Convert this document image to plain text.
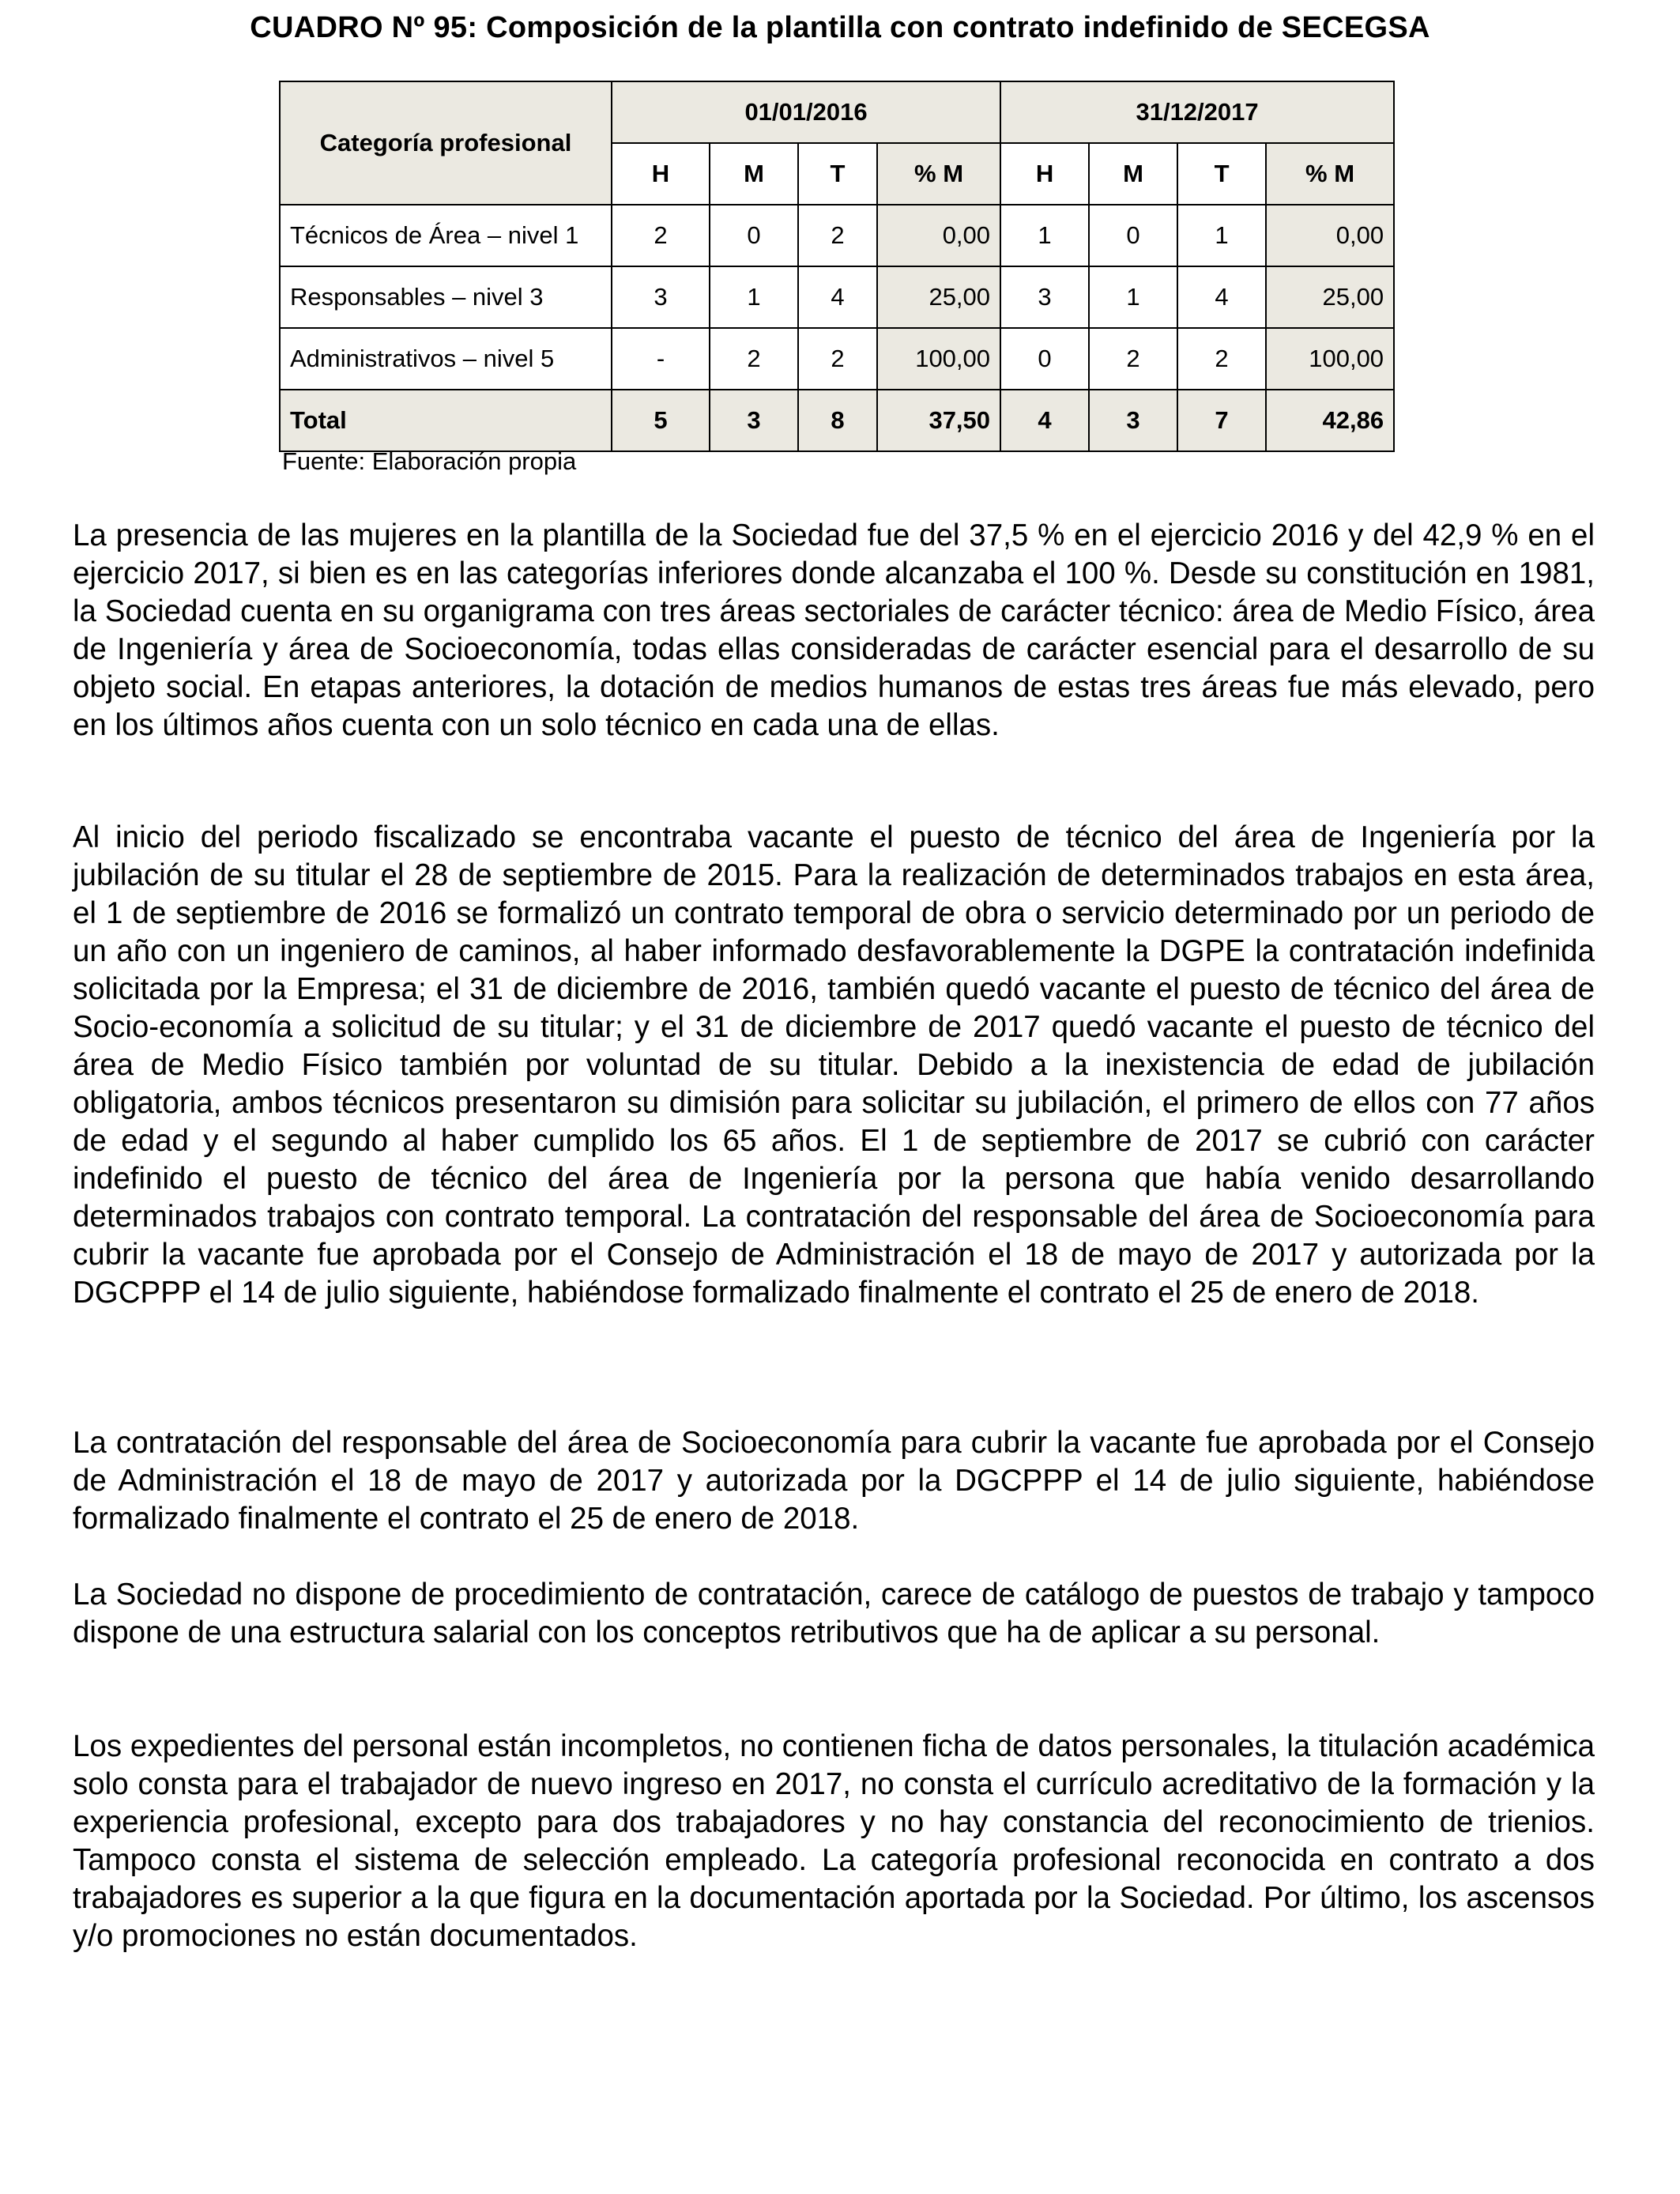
CUADRO Nº 95: Composición de la plantilla con contrato indefinido de SECEGSA
Categoría profesional	01/01/2016				31/12/2017			
	H	M	T	% M	H	M	T	% M
Técnicos de Área – nivel 1	2	0	2	0,00	1	0	1	0,00
Responsables – nivel 3	3	1	4	25,00	3	1	4	25,00
Administrativos – nivel 5	-	2	2	100,00	0	2	2	100,00
Total	5	3	8	37,50	4	3	7	42,86
Fuente: Elaboración propia

La presencia de las mujeres en la plantilla de la Sociedad fue del 37,5 % en el ejercicio 2016 y del 42,9 % en el ejercicio 2017, si bien es en las categorías inferiores donde alcanzaba el 100 %. Desde su constitución en 1981, la Sociedad cuenta en su organigrama con tres áreas sectoriales de carácter técnico: área de Medio Físico, área de Ingeniería y área de Socioeconomía, todas ellas consideradas de carácter esencial para el desarrollo de su objeto social. En etapas anteriores, la dotación de medios humanos de estas tres áreas fue más elevado, pero en los últimos años cuenta con un solo técnico en cada una de ellas.

Al inicio del periodo fiscalizado se encontraba vacante el puesto de técnico del área de Ingeniería por la jubilación de su titular el 28 de septiembre de 2015. Para la realización de determinados trabajos en esta área, el 1 de septiembre de 2016 se formalizó un contrato temporal de obra o servicio determinado por un periodo de un año con un ingeniero de caminos, al haber informado desfavorablemente la DGPE la contratación indefinida solicitada por la Empresa; el 31 de diciembre de 2016, también quedó vacante el puesto de técnico del área de Socio-economía a solicitud de su titular; y el 31 de diciembre de 2017 quedó vacante el puesto de técnico del área de Medio Físico también por voluntad de su titular. Debido a la inexistencia de edad de jubilación obligatoria, ambos técnicos presentaron su dimisión para solicitar su jubilación, el primero de ellos con 77 años de edad y el segundo al haber cumplido los 65 años. El 1 de septiembre de 2017 se cubrió con carácter indefinido el puesto de técnico del área de Ingeniería por la persona que había venido desarrollando determinados trabajos con contrato temporal. La contratación del responsable del área de Socioeconomía para cubrir la vacante fue aprobada por el Consejo de Administración el 18 de mayo de 2017 y autorizada por la DGCPPP el 14 de julio siguiente, habiéndose formalizado finalmente el contrato el 25 de enero de 2018.

La contratación del responsable del área de Socioeconomía para cubrir la vacante fue aprobada por el Consejo de Administración el 18 de mayo de 2017 y autorizada por la DGCPPP el 14 de julio siguiente, habiéndose formalizado finalmente el contrato el 25 de enero de 2018.

La Sociedad no dispone de procedimiento de contratación, carece de catálogo de puestos de trabajo y tampoco dispone de una estructura salarial con los conceptos retributivos que ha de aplicar a su personal.

Los expedientes del personal están incompletos, no contienen ficha de datos personales, la titulación académica solo consta para el trabajador de nuevo ingreso en 2017, no consta el currículo acreditativo de la formación y la experiencia profesional, excepto para dos trabajadores y no hay constancia del reconocimiento de trienios. Tampoco consta el sistema de selección empleado. La categoría profesional reconocida en contrato a dos trabajadores es superior a la que figura en la documentación aportada por la Sociedad. Por último, los ascensos y/o promociones no están documentados.
